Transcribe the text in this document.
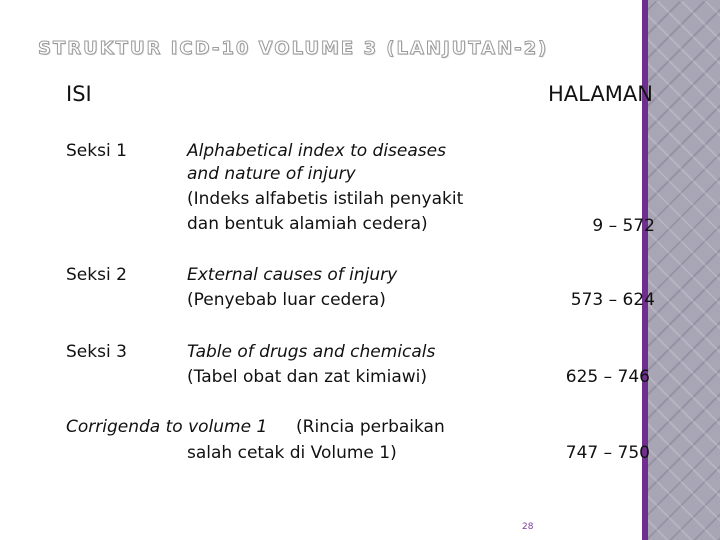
STRUKTUR ICD-10 VOLUME 3 (LANJUTAN-2)
ISI	HALAMAN
Seksi 1	Alphabetical index to diseases
and nature of injury
(Indeks alfabetis istilah penyakit
dan bentuk alamiah cedera)	9 – 572
Seksi 2	External causes of injury
(Penyebab luar cedera)	573 – 624
Seksi 3	Table of drugs and chemicals
(Tabel obat dan zat kimiawi)	625 – 746
Corrigenda to volume 1 (Rincia perbaikan
salah cetak di Volume 1)	747 – 750
28
